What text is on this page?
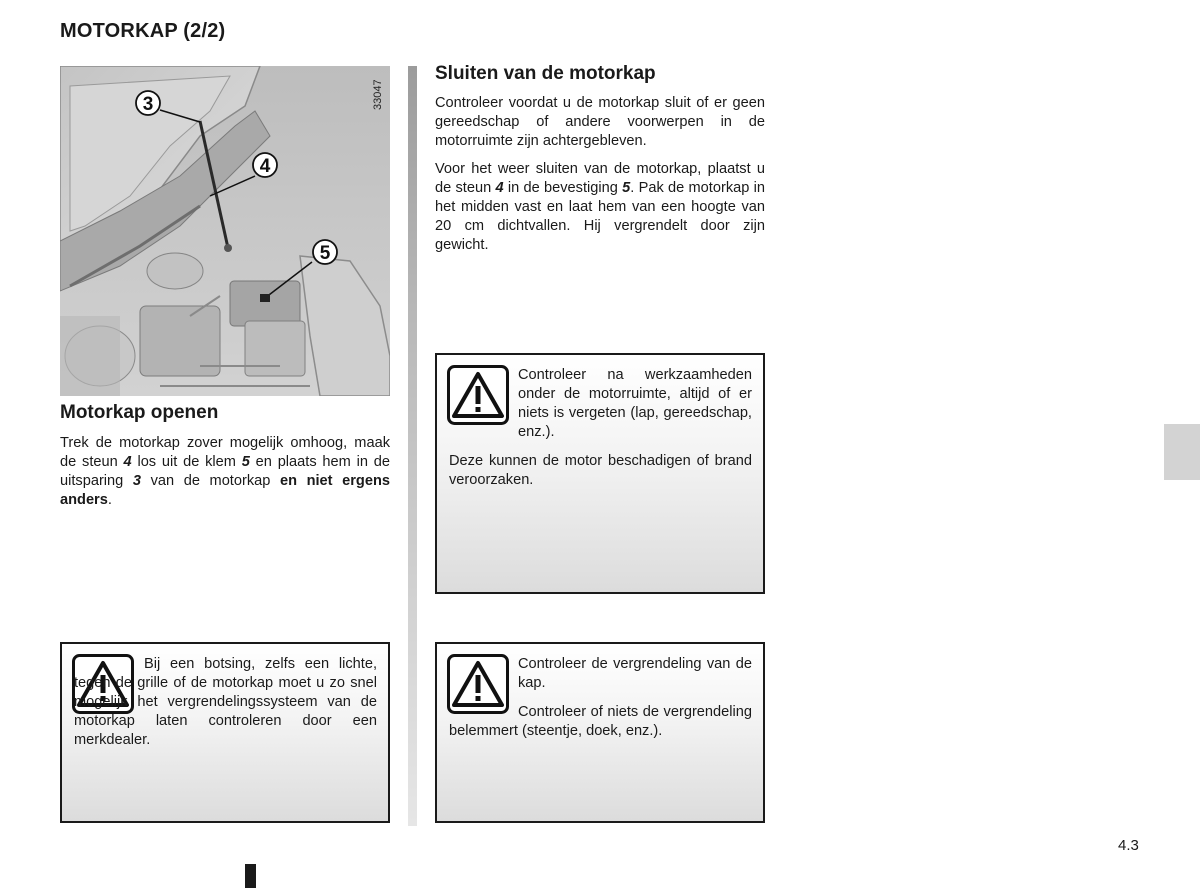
MOTORKAP (2/2)
3
4
5
33047
Motorkap openen

Trek de motorkap zover mogelijk omhoog, maak de steun 4 los uit de klem 5 en plaats hem in de uitsparing 3 van de motorkap en niet ergens anders.

Sluiten van de motorkap

Controleer voordat u de motorkap sluit of er geen gereedschap of andere voorwerpen in de motorruimte zijn achtergebleven.

Voor het weer sluiten van de motorkap, plaatst u de steun 4 in de bevestiging 5. Pak de motorkap in het midden vast en laat hem van een hoogte van 20 cm dichtvallen. Hij vergrendelt door zijn gewicht.

Controleer na werkzaamheden onder de motorruimte, altijd of er niets is vergeten (lap, gereedschap, enz.).

Deze kunnen de motor beschadigen of brand veroorzaken.

Bij een botsing, zelfs een lichte, tegen de grille of de motorkap moet u zo snel mogelijk het vergrendelingssysteem van de motorkap laten controleren door een merkdealer.

Controleer de vergrendeling van de kap.

Controleer of niets de vergrendeling belemmert (steentje, doek, enz.).

4.3
